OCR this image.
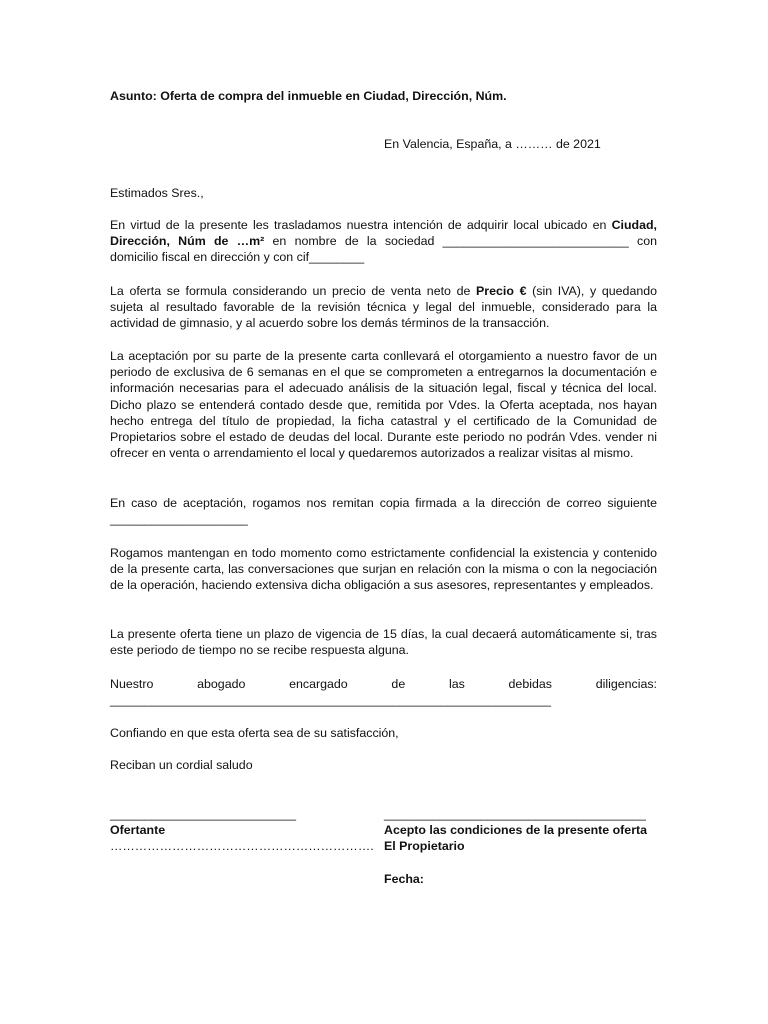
Asunto: Oferta de compra del inmueble en Ciudad, Dirección, Núm.
En Valencia, España, a ……… de 2021

Estimados Sres.,

En virtud de la presente les trasladamos nuestra intención de adquirir local ubicado en Ciudad,
Dirección, Núm de …m² en nombre de la sociedad ___________________________ con
domicilio fiscal en dirección y con cif________

La oferta se formula considerando un precio de venta neto de Precio € (sin IVA), y quedando sujeta al resultado favorable de la revisión técnica y legal del inmueble, considerado para la actividad de gimnasio, y al acuerdo sobre los demás términos de la transacción.

La aceptación por su parte de la presente carta conllevará el otorgamiento a nuestro favor de un periodo de exclusiva de 6 semanas en el que se comprometen a entregarnos la documentación e información necesarias para el adecuado análisis de la situación legal, fiscal y técnica del local. Dicho plazo se entenderá contado desde que, remitida por Vdes. la Oferta aceptada, nos hayan hecho entrega del título de propiedad, la ficha catastral y el certificado de la Comunidad de Propietarios sobre el estado de deudas del local. Durante este periodo no podrán Vdes. vender ni ofrecer en venta o arrendamiento el local y quedaremos autorizados a realizar visitas al mismo.

En caso de aceptación, rogamos nos remitan copia firmada a la dirección de correo siguiente
____________________

Rogamos mantengan en todo momento como estrictamente confidencial la existencia y contenido de la presente carta, las conversaciones que surjan en relación con la misma o con la negociación de la operación, haciendo extensiva dicha obligación a sus asesores, representantes y empleados.

La presente oferta tiene un plazo de vigencia de 15 días, la cual decaerá automáticamente si, tras este periodo de tiempo no se recibe respuesta alguna.

Nuestro abogado encargado de las debidas diligencias:
________________________________________________________________

Confiando en que esta oferta sea de su satisfacción,

Reciban un cordial saludo

___________________________
Ofertante
……………………………………………………….
______________________________________
Acepto las condiciones de la presente oferta
El Propietario
Fecha:
